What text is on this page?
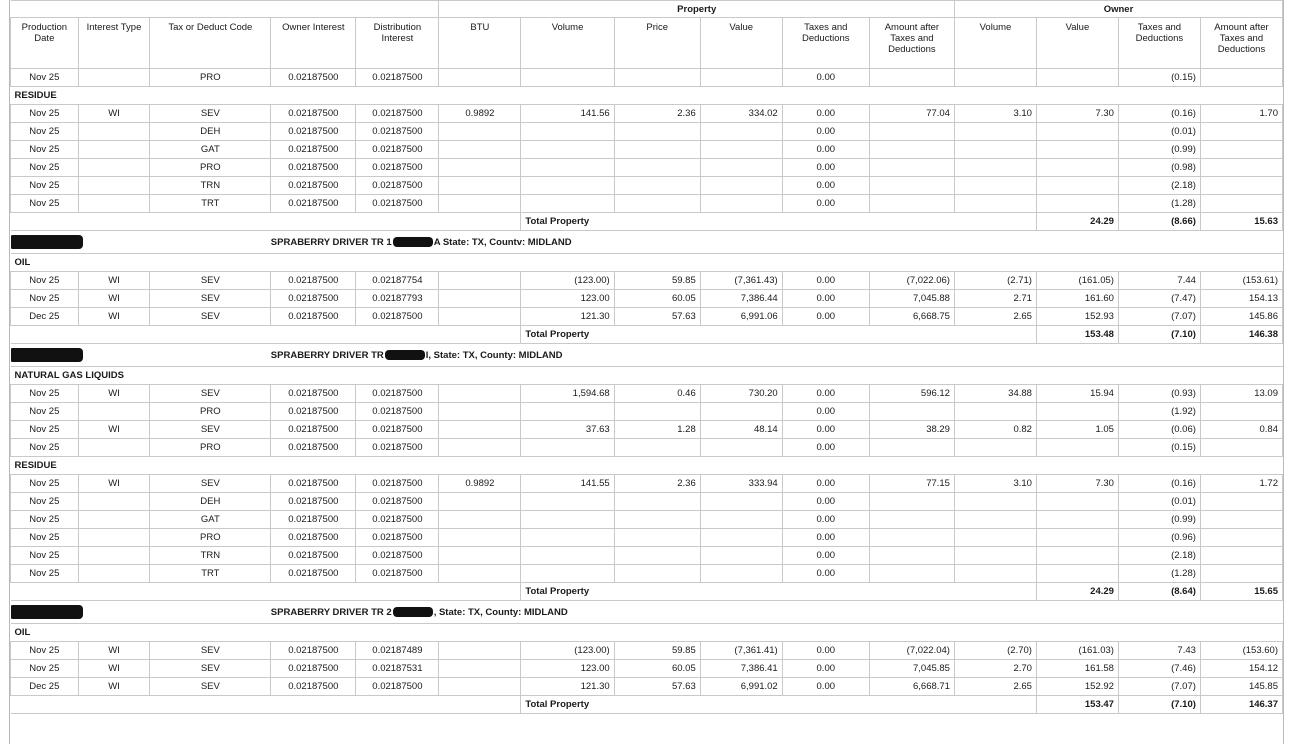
					Property						Owner			
Production Date	Interest Type	Tax or Deduct Code	Owner Interest	Distribution Interest	BTU	Volume	Price	Value	Taxes and Deductions	Amount after Taxes and Deductions	Volume	Value	Taxes and Deductions	Amount after Taxes and Deductions
Nov 25		PRO	0.02187500	0.02187500					0.00				(0.15)	
RESIDUE														
Nov 25	WI	SEV	0.02187500	0.02187500	0.9892	141.56	2.36	334.02	0.00	77.04	3.10	7.30	(0.16)	1.70
Nov 25		DEH	0.02187500	0.02187500					0.00				(0.01)	
Nov 25		GAT	0.02187500	0.02187500					0.00				(0.99)	
Nov 25		PRO	0.02187500	0.02187500					0.00				(0.98)	
Nov 25		TRN	0.02187500	0.02187500					0.00				(2.18)	
Nov 25		TRT	0.02187500	0.02187500					0.00				(1.28)	
						Total Property						24.29	(8.66)	15.63
			SPRABERRY DRIVER TR 1 A State: TX, Countv: MIDLAND											
OIL														
Nov 25	WI	SEV	0.02187500	0.02187754		(123.00)	59.85	(7,361.43)	0.00	(7,022.06)	(2.71)	(161.05)	7.44	(153.61)
Nov 25	WI	SEV	0.02187500	0.02187793		123.00	60.05	7,386.44	0.00	7,045.88	2.71	161.60	(7.47)	154.13
Dec 25	WI	SEV	0.02187500	0.02187500		121.30	57.63	6,991.06	0.00	6,668.75	2.65	152.93	(7.07)	145.86
						Total Property						153.48	(7.10)	146.38
			SPRABERRY DRIVER TR l, State: TX, County: MIDLAND											
NATURAL GAS LIQUIDS														
Nov 25	WI	SEV	0.02187500	0.02187500		1,594.68	0.46	730.20	0.00	596.12	34.88	15.94	(0.93)	13.09
Nov 25		PRO	0.02187500	0.02187500					0.00				(1.92)	
Nov 25	WI	SEV	0.02187500	0.02187500		37.63	1.28	48.14	0.00	38.29	0.82	1.05	(0.06)	0.84
Nov 25		PRO	0.02187500	0.02187500					0.00				(0.15)	
RESIDUE														
Nov 25	WI	SEV	0.02187500	0.02187500	0.9892	141.55	2.36	333.94	0.00	77.15	3.10	7.30	(0.16)	1.72
Nov 25		DEH	0.02187500	0.02187500					0.00				(0.01)	
Nov 25		GAT	0.02187500	0.02187500					0.00				(0.99)	
Nov 25		PRO	0.02187500	0.02187500					0.00				(0.96)	
Nov 25		TRN	0.02187500	0.02187500					0.00				(2.18)	
Nov 25		TRT	0.02187500	0.02187500					0.00				(1.28)	
						Total Property						24.29	(8.64)	15.65
			SPRABERRY DRIVER TR 2 , State: TX, County: MIDLAND											
OIL														
Nov 25	WI	SEV	0.02187500	0.02187489		(123.00)	59.85	(7,361.41)	0.00	(7,022.04)	(2.70)	(161.03)	7.43	(153.60)
Nov 25	WI	SEV	0.02187500	0.02187531		123.00	60.05	7,386.41	0.00	7,045.85	2.70	161.58	(7.46)	154.12
Dec 25	WI	SEV	0.02187500	0.02187500		121.30	57.63	6,991.02	0.00	6,668.71	2.65	152.92	(7.07)	145.85
						Total Property						153.47	(7.10)	146.37
